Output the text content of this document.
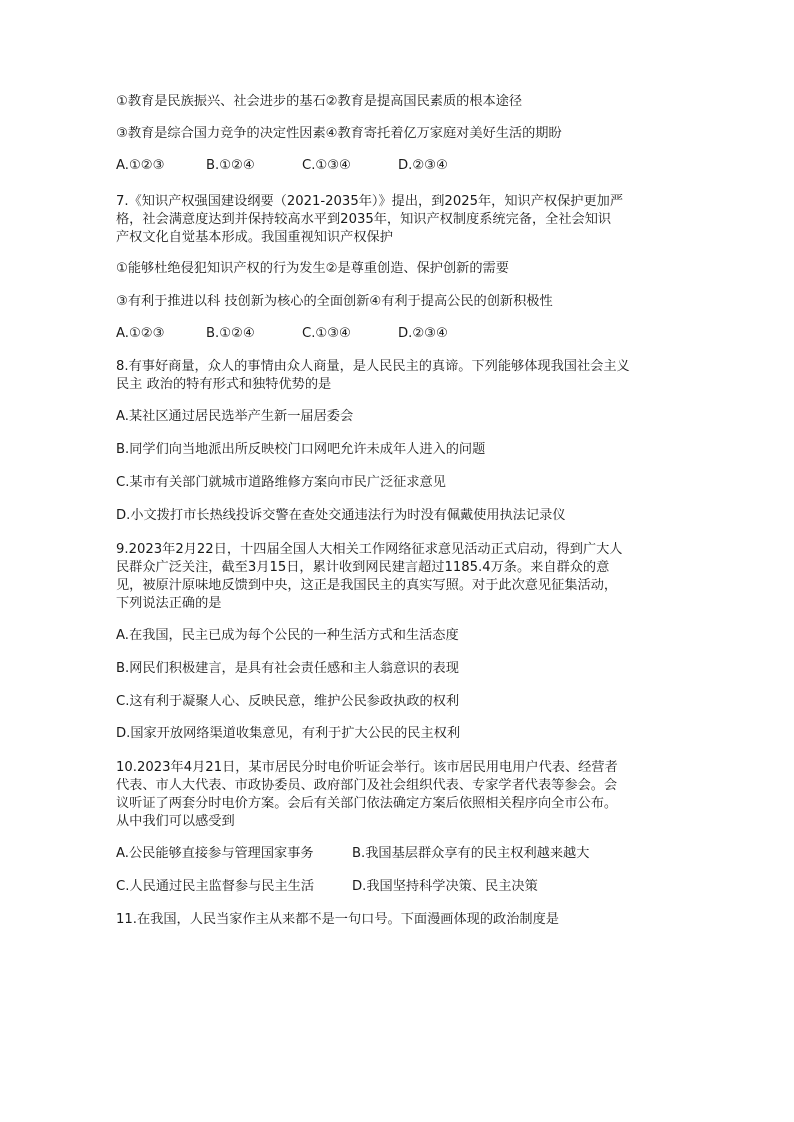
①教育是民族振兴、社会进步的基石②教育是提高国民素质的根本途径
③教育是综合国力竞争的决定性因素④教育寄托着亿万家庭对美好生活的期盼
A.①②③	B.①②④	C.①③④	D.②③④
7.《知识产权强国建设纲要（2021-2035年）》提出，到2025年，知识产权保护更加严
格，社会满意度达到并保持较高水平到2035年，知识产权制度系统完备，全社会知识
产权文化自觉基本形成。我国重视知识产权保护
①能够杜绝侵犯知识产权的行为发生②是尊重创造、保护创新的需要
③有利于推进以科 技创新为核心的全面创新④有利于提高公民的创新积极性
A.①②③	B.①②④	C.①③④	D.②③④
8.有事好商量，众人的事情由众人商量，是人民民主的真谛。下列能够体现我国社会主义
民主 政治的特有形式和独特优势的是
A.某社区通过居民选举产生新一届居委会
B.同学们向当地派出所反映校门口网吧允许未成年人进入的问题
C.某市有关部门就城市道路维修方案向市民广泛征求意见
D.小文拨打市长热线投诉交警在查处交通违法行为时没有佩戴使用执法记录仪
9.2023年2月22日，十四届全国人大相关工作网络征求意见活动正式启动，得到广大人
民群众广泛关注，截至3月15日，累计收到网民建言超过1185.4万条。来自群众的意
见，被原汁原味地反馈到中央，这正是我国民主的真实写照。对于此次意见征集活动，
下列说法正确的是
A.在我国，民主已成为每个公民的一种生活方式和生活态度
B.网民们积极建言，是具有社会责任感和主人翁意识的表现
C.这有利于凝聚人心、反映民意，维护公民参政执政的权利
D.国家开放网络渠道收集意见，有利于扩大公民的民主权利
10.2023年4月21日，某市居民分时电价听证会举行。该市居民用电用户代表、经营者
代表、市人大代表、市政协委员、政府部门及社会组织代表、专家学者代表等参会。会
议听证了两套分时电价方案。会后有关部门依法确定方案后依照相关程序向全市公布。
从中我们可以感受到
A.公民能够直接参与管理国家事务	B.我国基层群众享有的民主权利越来越大
C.人民通过民主监督参与民主生活	D.我国坚持科学决策、民主决策
11.在我国，人民当家作主从来都不是一句口号。下面漫画体现的政治制度是
